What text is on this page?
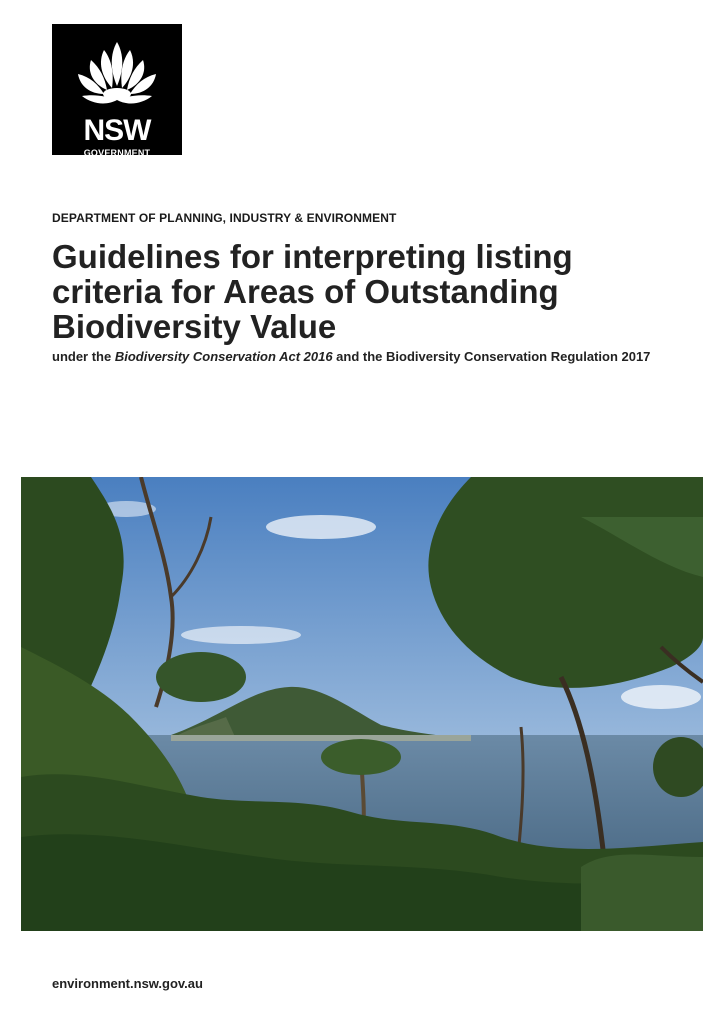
NSW
GOVERNMENT
DEPARTMENT OF PLANNING, INDUSTRY & ENVIRONMENT
Guidelines for interpreting listing criteria for Areas of Outstanding Biodiversity Value

under the Biodiversity Conservation Act 2016 and the Biodiversity Conservation Regulation 2017

environment.nsw.gov.au
